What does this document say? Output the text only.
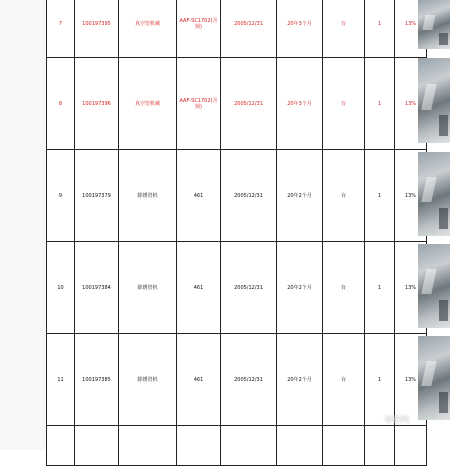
7	100197395	真空管机械	AAF-SC1702(含锁)	2005/12/31	20年3个月	台	1	13%
8	100197396	真空管机械	AAF-SC1702(含锁)	2005/12/31	20年3个月	台	1	13%
9	100197379	除锈管机	461	2005/12/31	20年2个月	台	1	13%
10	100197384	除锈管机	461	2005/12/31	20年2个月	台	1	13%
11	100197385	除锈管机	461	2005/12/31	20年2个月	台	1	13%

拍拍网
